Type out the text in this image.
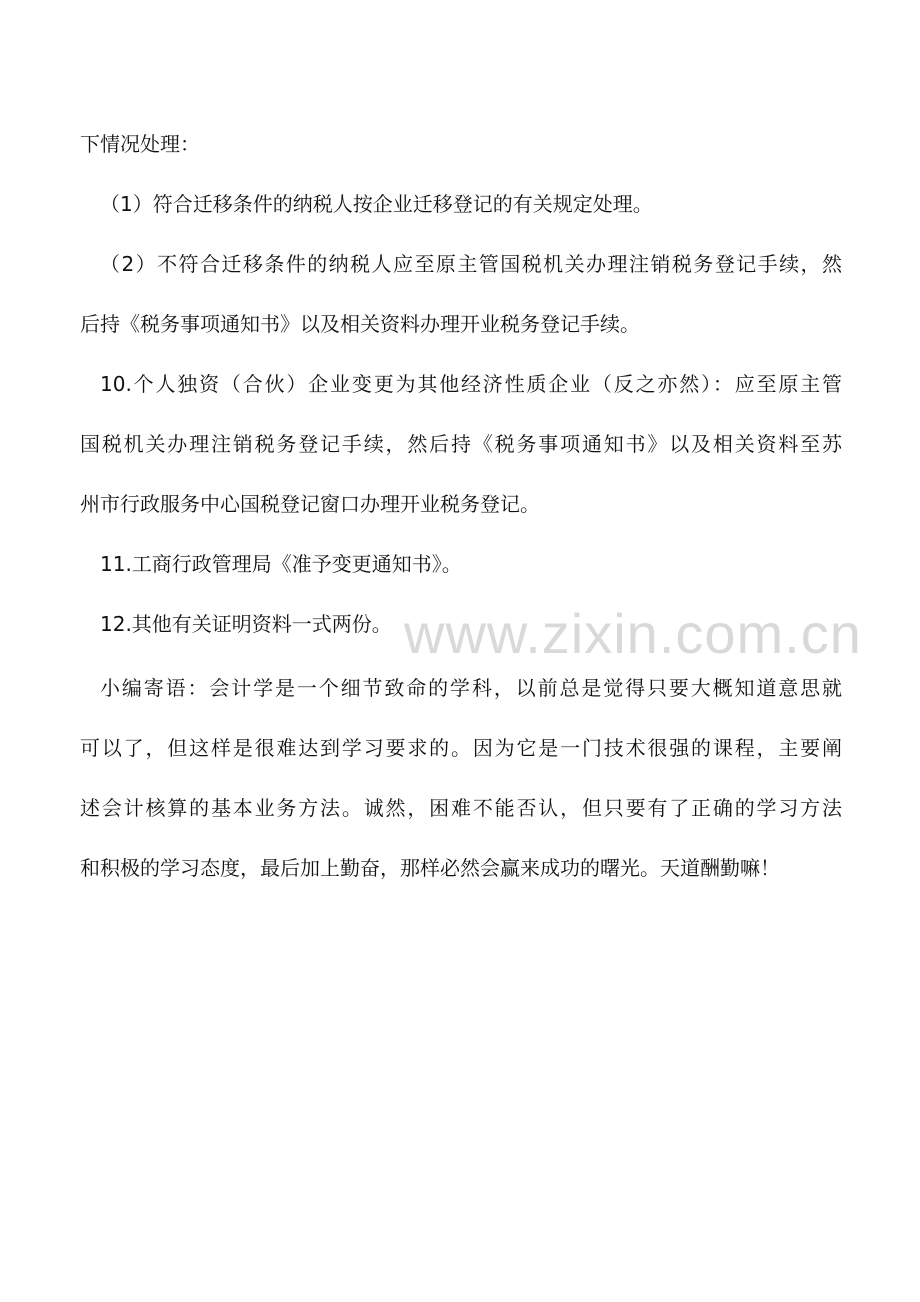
www.zixin.com.cn
下情况处理：
（1）符合迁移条件的纳税人按企业迁移登记的有关规定处理。
（2）不符合迁移条件的纳税人应至原主管国税机关办理注销税务登记手续，然
后持《税务事项通知书》以及相关资料办理开业税务登记手续。
10.个人独资（合伙）企业变更为其他经济性质企业（反之亦然）：应至原主管
国税机关办理注销税务登记手续，然后持《税务事项通知书》以及相关资料至苏
州市行政服务中心国税登记窗口办理开业税务登记。
11.工商行政管理局《准予变更通知书》。
12.其他有关证明资料一式两份。
小编寄语：会计学是一个细节致命的学科，以前总是觉得只要大概知道意思就
可以了，但这样是很难达到学习要求的。因为它是一门技术很强的课程，主要阐
述会计核算的基本业务方法。诚然，困难不能否认，但只要有了正确的学习方法
和积极的学习态度，最后加上勤奋，那样必然会赢来成功的曙光。天道酬勤嘛！
